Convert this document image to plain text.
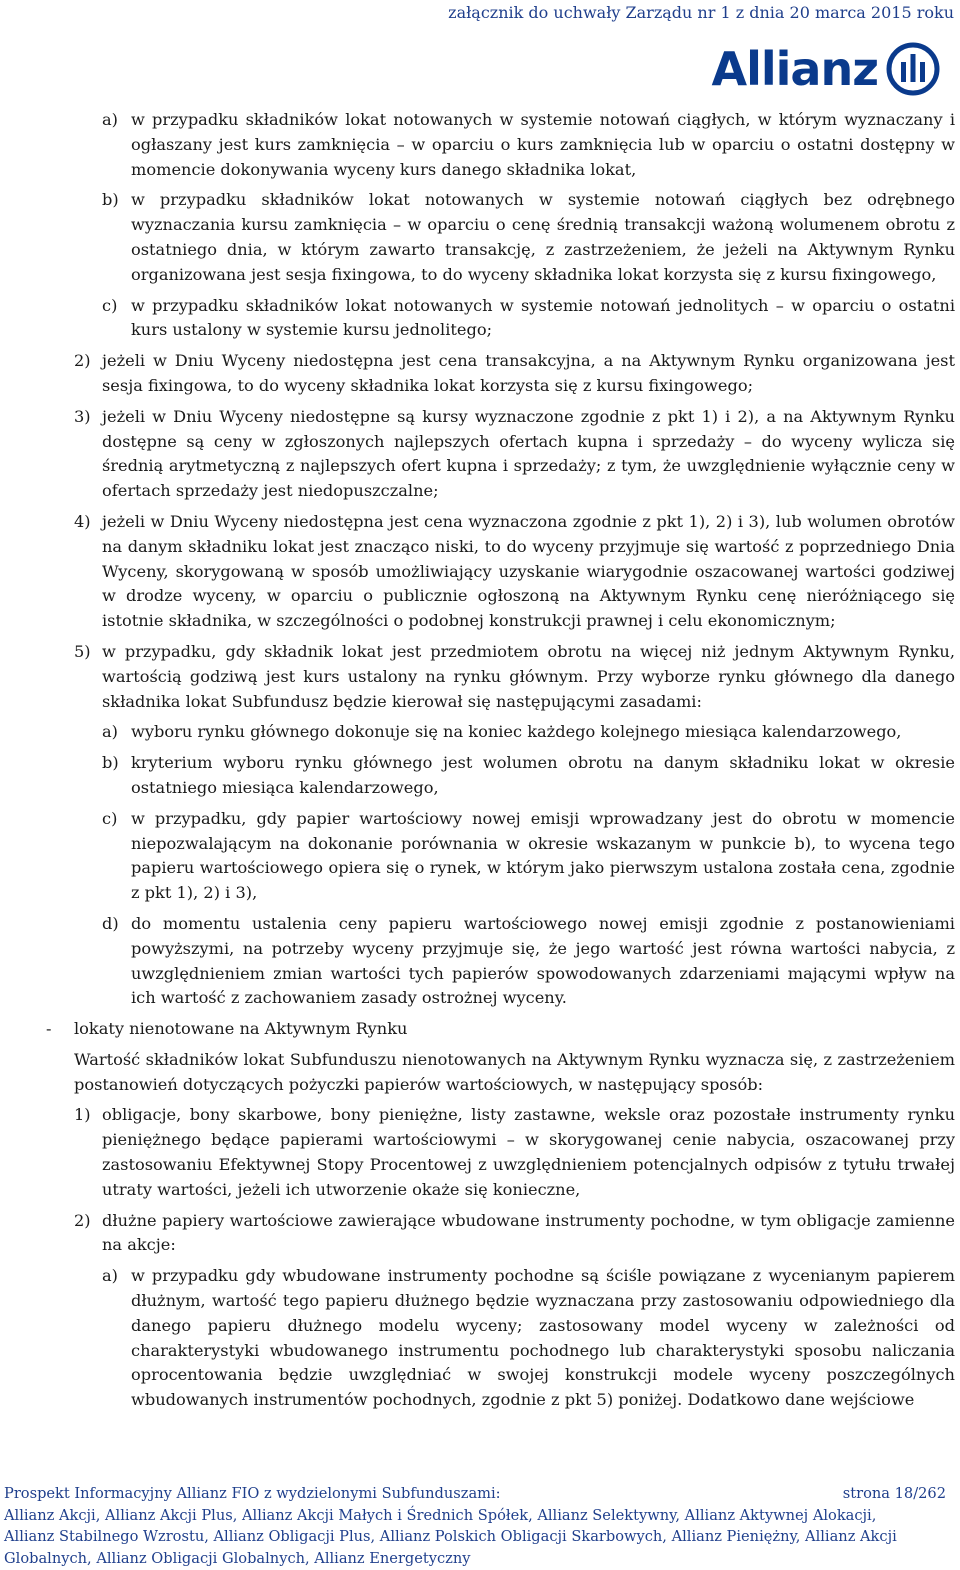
załącznik do uchwały Zarządu nr 1 z dnia 20 marca 2015 roku
Allianz
a) w przypadku składników lokat notowanych w systemie notowań ciągłych, w którym wyznaczany i ogłaszany jest kurs zamknięcia – w oparciu o kurs zamknięcia lub w oparciu o ostatni dostępny w momencie dokonywania wyceny kurs danego składnika lokat,
b) w przypadku składników lokat notowanych w systemie notowań ciągłych bez odrębnego wyznaczania kursu zamknięcia – w oparciu o cenę średnią transakcji ważoną wolumenem obrotu z ostatniego dnia, w którym zawarto transakcję, z zastrzeżeniem, że jeżeli na Aktywnym Rynku organizowana jest sesja fixingowa, to do wyceny składnika lokat korzysta się z kursu fixingowego,
c) w przypadku składników lokat notowanych w systemie notowań jednolitych – w oparciu o ostatni kurs ustalony w systemie kursu jednolitego;
2) jeżeli w Dniu Wyceny niedostępna jest cena transakcyjna, a na Aktywnym Rynku organizowana jest sesja fixingowa, to do wyceny składnika lokat korzysta się z kursu fixingowego;
3) jeżeli w Dniu Wyceny niedostępne są kursy wyznaczone zgodnie z pkt 1) i 2), a na Aktywnym Rynku dostępne są ceny w zgłoszonych najlepszych ofertach kupna i sprzedaży – do wyceny wylicza się średnią arytmetyczną z najlepszych ofert kupna i sprzedaży; z tym, że uwzględnienie wyłącznie ceny w ofertach sprzedaży jest niedopuszczalne;
4) jeżeli w Dniu Wyceny niedostępna jest cena wyznaczona zgodnie z pkt 1), 2) i 3), lub wolumen obrotów na danym składniku lokat jest znacząco niski, to do wyceny przyjmuje się wartość z poprzedniego Dnia Wyceny, skorygowaną w sposób umożliwiający uzyskanie wiarygodnie oszacowanej wartości godziwej w drodze wyceny, w oparciu o publicznie ogłoszoną na Aktywnym Rynku cenę nieróżniącego się istotnie składnika, w szczególności o podobnej konstrukcji prawnej i celu ekonomicznym;
5) w przypadku, gdy składnik lokat jest przedmiotem obrotu na więcej niż jednym Aktywnym Rynku, wartością godziwą jest kurs ustalony na rynku głównym. Przy wyborze rynku głównego dla danego składnika lokat Subfundusz będzie kierował się następującymi zasadami:
a) wyboru rynku głównego dokonuje się na koniec każdego kolejnego miesiąca kalendarzowego,
b) kryterium wyboru rynku głównego jest wolumen obrotu na danym składniku lokat w okresie ostatniego miesiąca kalendarzowego,
c) w przypadku, gdy papier wartościowy nowej emisji wprowadzany jest do obrotu w momencie niepozwalającym na dokonanie porównania w okresie wskazanym w punkcie b), to wycena tego papieru wartościowego opiera się o rynek, w którym jako pierwszym ustalona została cena, zgodnie z pkt 1), 2) i 3),
d) do momentu ustalenia ceny papieru wartościowego nowej emisji zgodnie z postanowieniami powyższymi, na potrzeby wyceny przyjmuje się, że jego wartość jest równa wartości nabycia, z uwzględnieniem zmian wartości tych papierów spowodowanych zdarzeniami mającymi wpływ na ich wartość z zachowaniem zasady ostrożnej wyceny.
-	lokaty nienotowane na Aktywnym Rynku
Wartość składników lokat Subfunduszu nienotowanych na Aktywnym Rynku wyznacza się, z zastrzeżeniem postanowień dotyczących pożyczki papierów wartościowych, w następujący sposób:
1) obligacje, bony skarbowe, bony pieniężne, listy zastawne, weksle oraz pozostałe instrumenty rynku pieniężnego będące papierami wartościowymi – w skorygowanej cenie nabycia, oszacowanej przy zastosowaniu Efektywnej Stopy Procentowej z uwzględnieniem potencjalnych odpisów z tytułu trwałej utraty wartości, jeżeli ich utworzenie okaże się konieczne,
2) dłużne papiery wartościowe zawierające wbudowane instrumenty pochodne, w tym obligacje zamienne na akcje:
a) w przypadku gdy wbudowane instrumenty pochodne są ściśle powiązane z wycenianym papierem dłużnym, wartość tego papieru dłużnego będzie wyznaczana przy zastosowaniu odpowiedniego dla danego papieru dłużnego modelu wyceny; zastosowany model wyceny w zależności od charakterystyki wbudowanego instrumentu pochodnego lub charakterystyki sposobu naliczania oprocentowania będzie uwzględniać w swojej konstrukcji modele wyceny poszczególnych wbudowanych instrumentów pochodnych, zgodnie z pkt 5) poniżej. Dodatkowo dane wejściowe
Prospekt Informacyjny Allianz FIO z wydzielonymi Subfunduszami:	strona 18/262
Allianz Akcji, Allianz Akcji Plus, Allianz Akcji Małych i Średnich Spółek, Allianz Selektywny, Allianz Aktywnej Alokacji,
Allianz Stabilnego Wzrostu, Allianz Obligacji Plus, Allianz Polskich Obligacji Skarbowych, Allianz Pieniężny, Allianz Akcji
Globalnych, Allianz Obligacji Globalnych, Allianz Energetyczny
